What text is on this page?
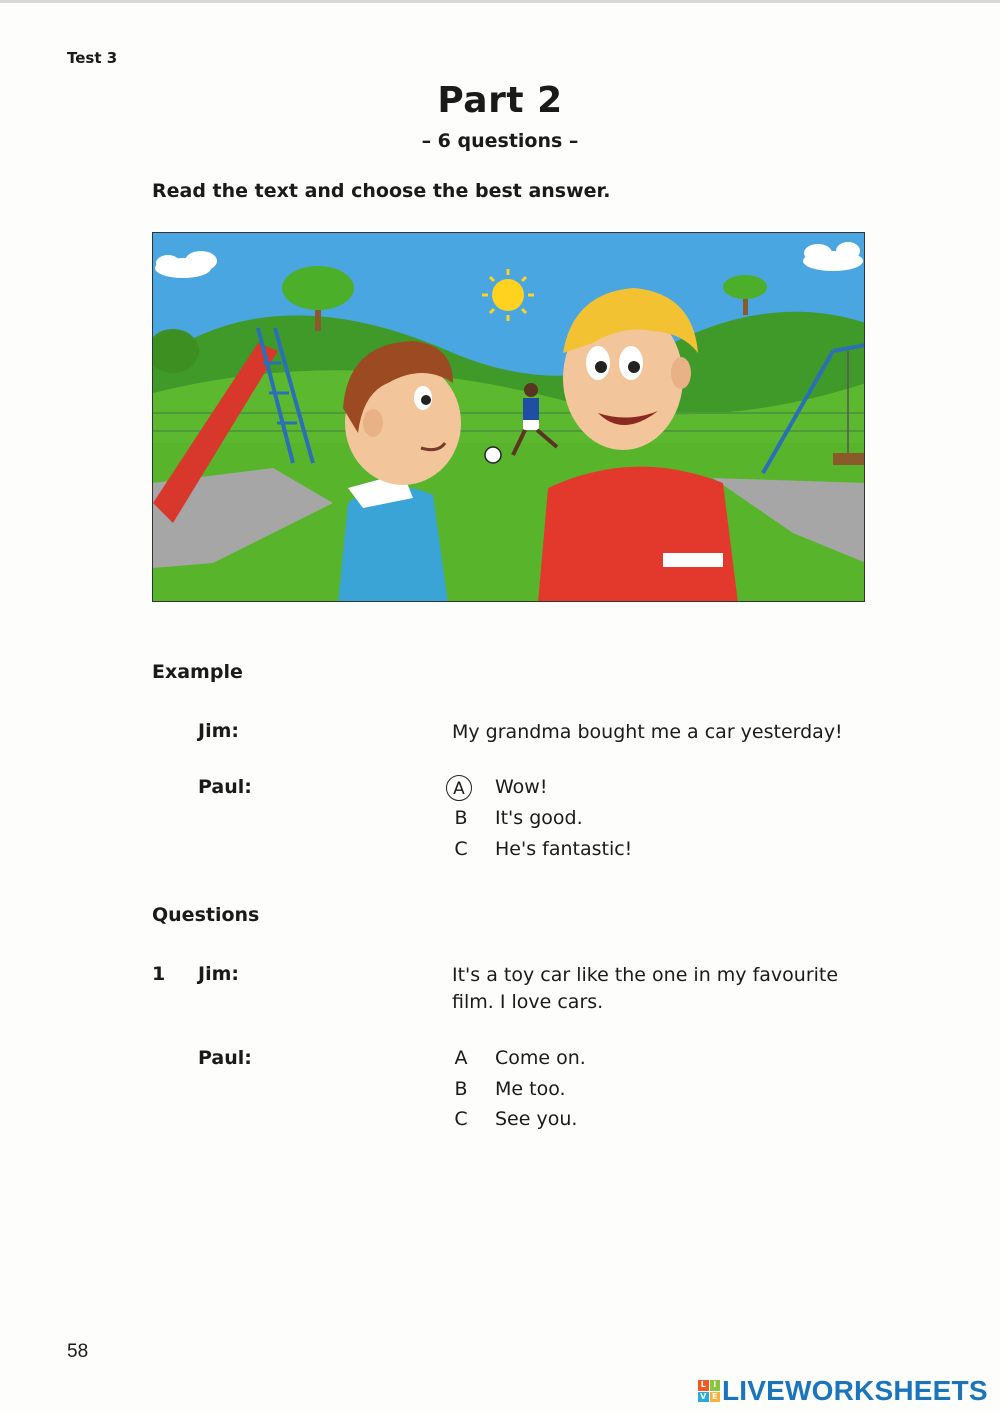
Test 3
Part 2
– 6 questions –
Read the text and choose the best answer.
Example
Jim:	My grandma bought me a car yesterday!
Paul:	A	Wow!
B	It's good.
C	He's fantastic!
Questions
1 Jim:	It's a toy car like the one in my favourite film. I love cars.
Paul:	A	Come on.
B	Me too.
C	See you.
58
L I
V E LIVEWORKSHEETS
